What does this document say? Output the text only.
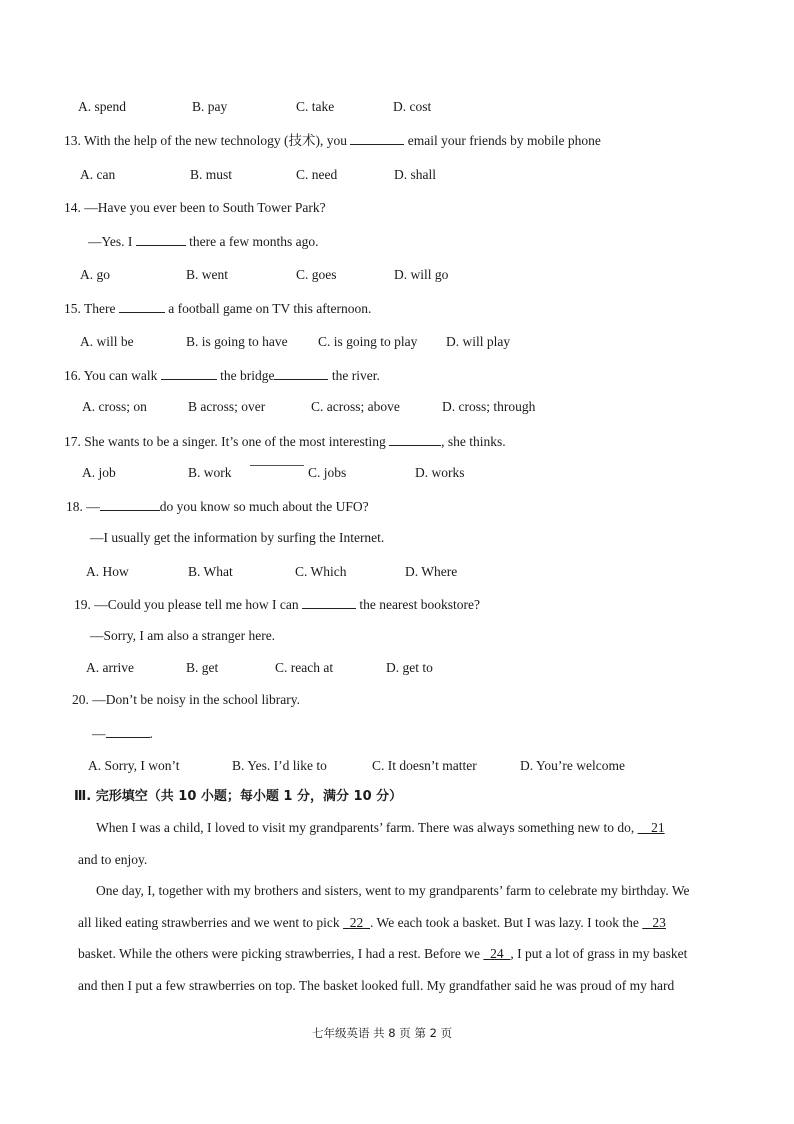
A. spend	B. pay	C. take	D. cost
13. With the help of the new technology (技术), you	email your friends by mobile phone
A. can	B. must	C. need	D. shall
14. —Have you ever been to South Tower Park?
—Yes. I	there a few months ago.
A. go	B. went	C. goes	D. will go
15. There	a football game on TV this afternoon.
A. will be	B. is going to have C. is going to play D. will play
16. You can walk	the bridge	the river.
A. cross; on	B across; over	C. across; above	D. cross; through
17. She wants to be a singer. It’s one of the most interesting	, she thinks.
A. job	B. work	C. jobs	D. works
18. —	do you know so much about the UFO?
—I usually get the information by surfing the Internet.
A. How	B. What	C. Which	D. Where
19. —Could you please tell me how I can	the nearest bookstore?
—Sorry, I am also a stranger here.
A. arrive	B. get	C. reach at	D. get to
20. —Don’t be noisy in the school library.
—	.
A. Sorry, I won’t	B. Yes. I’d like to	C. It doesn’t matter	D. You’re welcome
Ⅲ. 完形填空（共 10 小题；每小题 1 分，满分 10 分）
When I was a child, I loved to visit my grandparents’ farm. There was always something new to do, 21
and to enjoy.
One day, I, together with my brothers and sisters, went to my grandparents’ farm to celebrate my birthday. We
all liked eating strawberries and we went to pick 22 . We each took a basket. But I was lazy. I took the 23
basket. While the others were picking strawberries, I had a rest. Before we 24 , I put a lot of grass in my basket
and then I put a few strawberries on top. The basket looked full. My grandfather said he was proud of my hard
七年级英语 共 8 页 第 2 页
